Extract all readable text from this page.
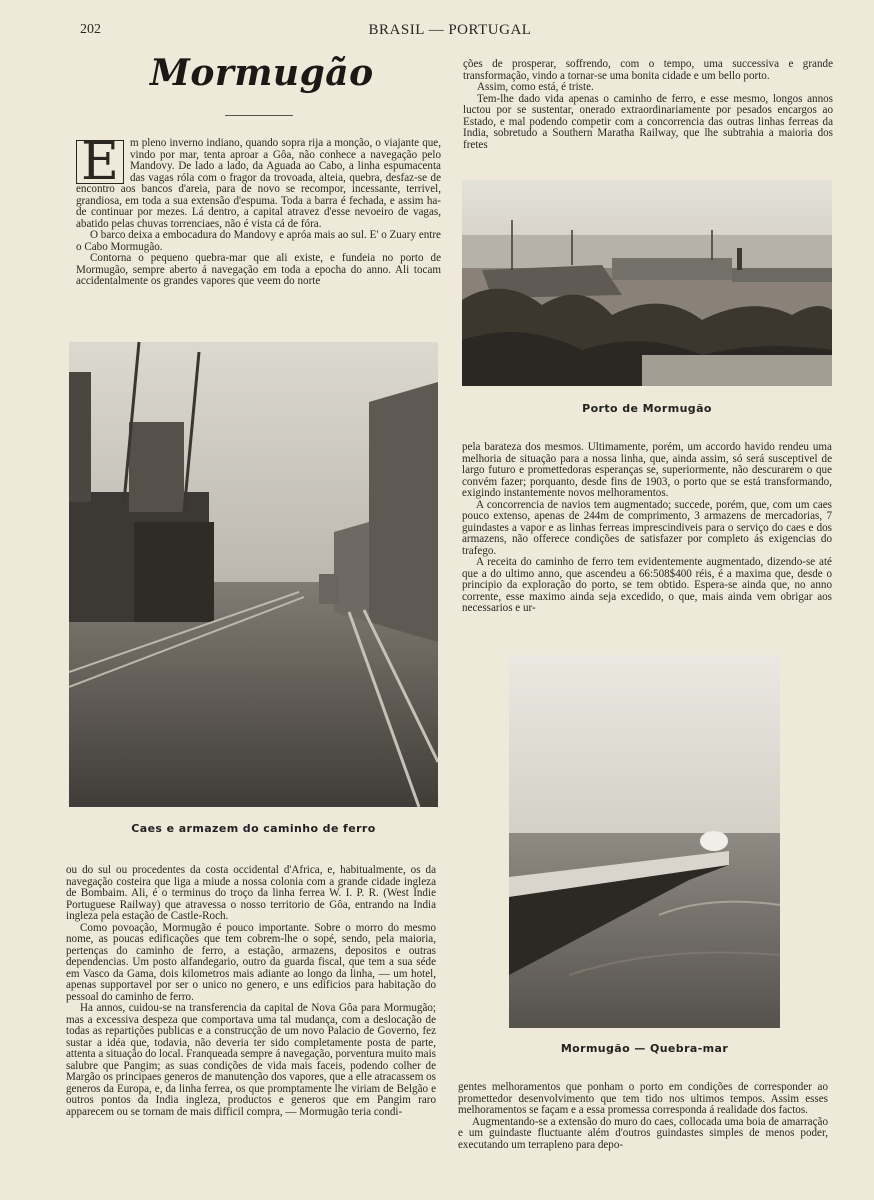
202	BRASIL — PORTUGAL
Mormugão

E m pleno inverno indiano, quando sopra rija a monção, o viajante que, vindo por mar, tenta aproar a Gôa, não conhece a navegação pelo Mandovy. De lado a lado, da Aguada ao Cabo, a linha espumacenta das vagas róla com o fragor da trovoada, alteia, quebra, desfaz-se de encontro aos bancos d'areia, para de novo se recompor, incessante, terrivel, grandiosa, em toda a sua extensão d'espuma. Toda a barra é fechada, e assim ha-de continuar por mezes. Lá dentro, a capital atravez d'esse nevoeiro de vagas, abatido pelas chuvas torrenciaes, não é vista cá de fóra.

O barco deixa a embocadura do Mandovy e apróa mais ao sul. E' o Zuary entre o Cabo Mormugão.

Contorna o pequeno quebra-mar que ali existe, e fundeia no porto de Mormugão, sempre aberto á navegação em toda a epocha do anno. Ali tocam accidentalmente os grandes vapores que veem do norte

Caes e armazem do caminho de ferro

ou do sul ou procedentes da costa occidental d'Africa, e, habitualmente, os da navegação costeira que liga a miude a nossa colonia com a grande cidade ingleza de Bombaim. Ali, é o terminus do troço da linha ferrea W. I. P. R. (West Indie Portuguese Railway) que atravessa o nosso territorio de Gôa, entrando na India ingleza pela estação de Castle-Roch.

Como povoação, Mormugão é pouco importante. Sobre o morro do mesmo nome, as poucas edificações que tem cobrem-lhe o sopé, sendo, pela maioria, pertenças do caminho de ferro, a estação, armazens, depositos e outras dependencias. Um posto alfandegario, outro da guarda fiscal, que tem a sua séde em Vasco da Gama, dois kilometros mais adiante ao longo da linha, — um hotel, apenas supportavel por ser o unico no genero, e uns edificios para habitação do pessoal do caminho de ferro.

Ha annos, cuidou-se na transferencia da capital de Nova Gôa para Mormugão; mas a excessiva despeza que comportava uma tal mudança, com a deslocação de todas as repartições publicas e a construcção de um novo Palacio de Governo, fez sustar a idéa que, todavia, não deveria ter sido completamente posta de parte, attenta a situação do local. Franqueada sempre á navegação, porventura muito mais salubre que Pangim; as suas condições de vida mais faceis, podendo colher de Margão os principaes generos de manutenção dos vapores, que a elle atracassem os generos da Europa, e, da linha ferrea, os que promptamente lhe viriam de Belgão e outros pontos da India ingleza, productos e generos que em Pangim raro apparecem ou se tornam de mais difficil compra, — Mormugão teria condi-

ções de prosperar, soffrendo, com o tempo, uma successiva e grande transformação, vindo a tornar-se uma bonita cidade e um bello porto.

Assim, como está, é triste.

Tem-lhe dado vida apenas o caminho de ferro, e esse mesmo, longos annos luctou por se sustentar, onerado extraordinariamente por pesados encargos ao Estado, e mal podendo competir com a concorrencia das outras linhas ferreas da India, sobretudo a Southern Maratha Railway, que lhe subtrahia a maioria dos fretes

Porto de Mormugão

pela barateza dos mesmos. Ultimamente, porém, um accordo havido rendeu uma melhoria de situação para a nossa linha, que, ainda assim, só será susceptivel de largo futuro e promettedoras esperanças se, superiormente, não descurarem o que convém fazer; porquanto, desde fins de 1903, o porto que se está transformando, exigindo instantemente novos melhoramentos.

A concorrencia de navios tem augmentado; succede, porém, que, com um caes pouco extenso, apenas de 244m de comprimento, 3 armazens de mercadorias, 7 guindastes a vapor e as linhas ferreas imprescindiveis para o serviço do caes e dos armazens, não offerece condições de satisfazer por completo ás exigencias do trafego.

A receita do caminho de ferro tem evidentemente augmentado, dizendo-se até que a do ultimo anno, que ascendeu a 66:508$400 réis, é a maxima que, desde o principio da exploração do porto, se tem obtido. Espera-se ainda que, no anno corrente, esse maximo ainda seja excedido, o que, mais ainda vem obrigar aos necessarios e ur-

Mormugão — Quebra-mar

gentes melhoramentos que ponham o porto em condições de corresponder ao promettedor desenvolvimento que tem tido nos ultimos tempos. Assim esses melhoramentos se façam e a essa promessa corresponda á realidade dos factos.

Augmentando-se a extensão do muro do caes, collocada uma boia de amarração e um guindaste fluctuante além d'outros guindastes simples de menos poder, executando um terrapleno para depo-
